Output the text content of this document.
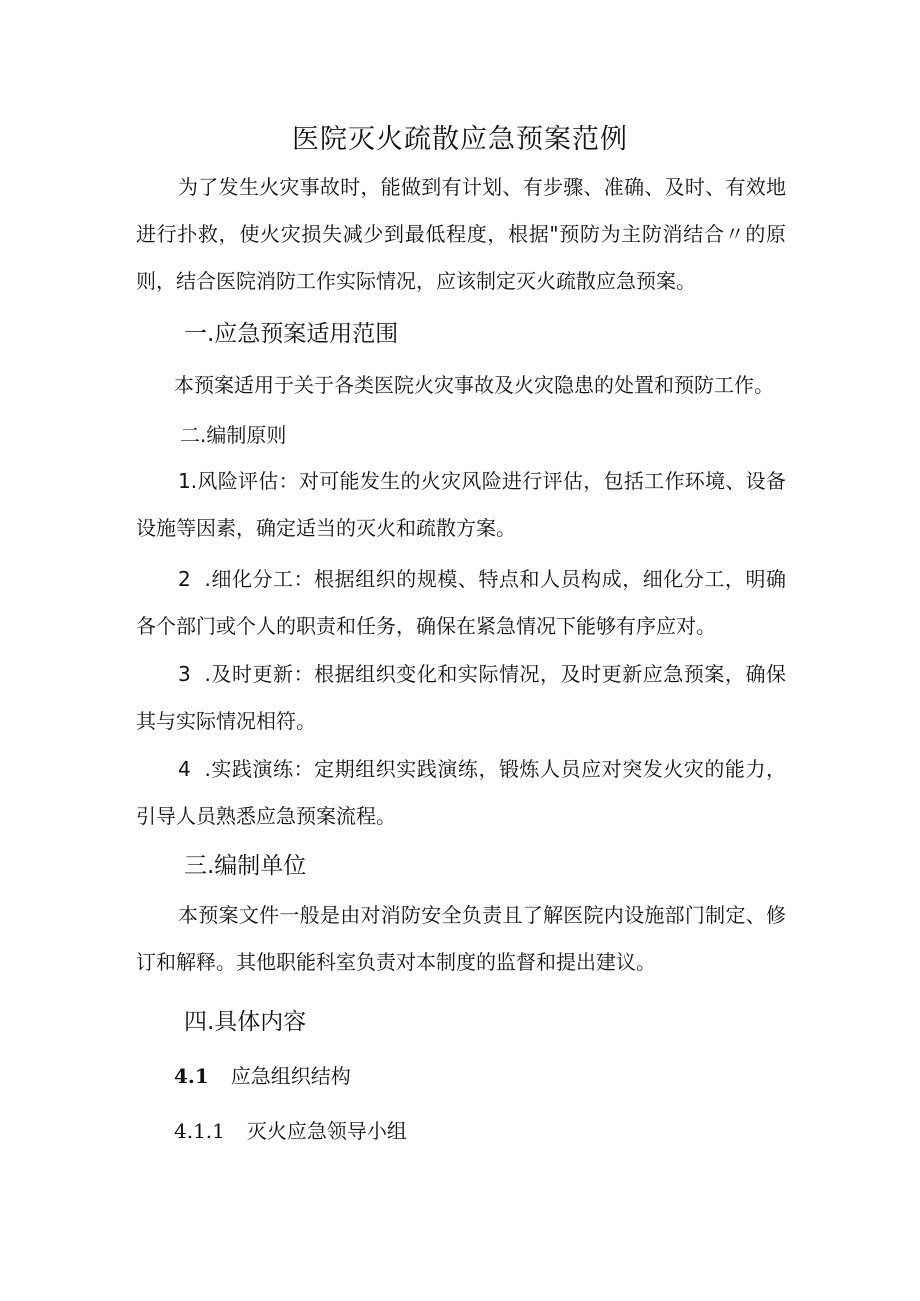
医院灭火疏散应急预案范例

为了发生火灾事故时，能做到有计划、有步骤、准确、及时、有效地进行扑救，使火灾损失减少到最低程度，根据"预防为主防消结合〃的原则，结合医院消防工作实际情况，应该制定灭火疏散应急预案。

一.应急预案适用范围
本预案适用于关于各类医院火灾事故及火灾隐患的处置和预防工作。
二.编制原则

1.风险评估：对可能发生的火灾风险进行评估，包括工作环境、设备设施等因素，确定适当的灭火和疏散方案。

2  .细化分工：根据组织的规模、特点和人员构成，细化分工，明确各个部门或个人的职责和任务，确保在紧急情况下能够有序应对。

3  .及时更新：根据组织变化和实际情况，及时更新应急预案，确保其与实际情况相符。

4  .实践演练：定期组织实践演练，锻炼人员应对突发火灾的能力，引导人员熟悉应急预案流程。

三.编制单位

本预案文件一般是由对消防安全负责且了解医院内设施部门制定、修订和解释。其他职能科室负责对本制度的监督和提出建议。

四.具体内容
4.1 应急组织结构
4.1.1 灭火应急领导小组
